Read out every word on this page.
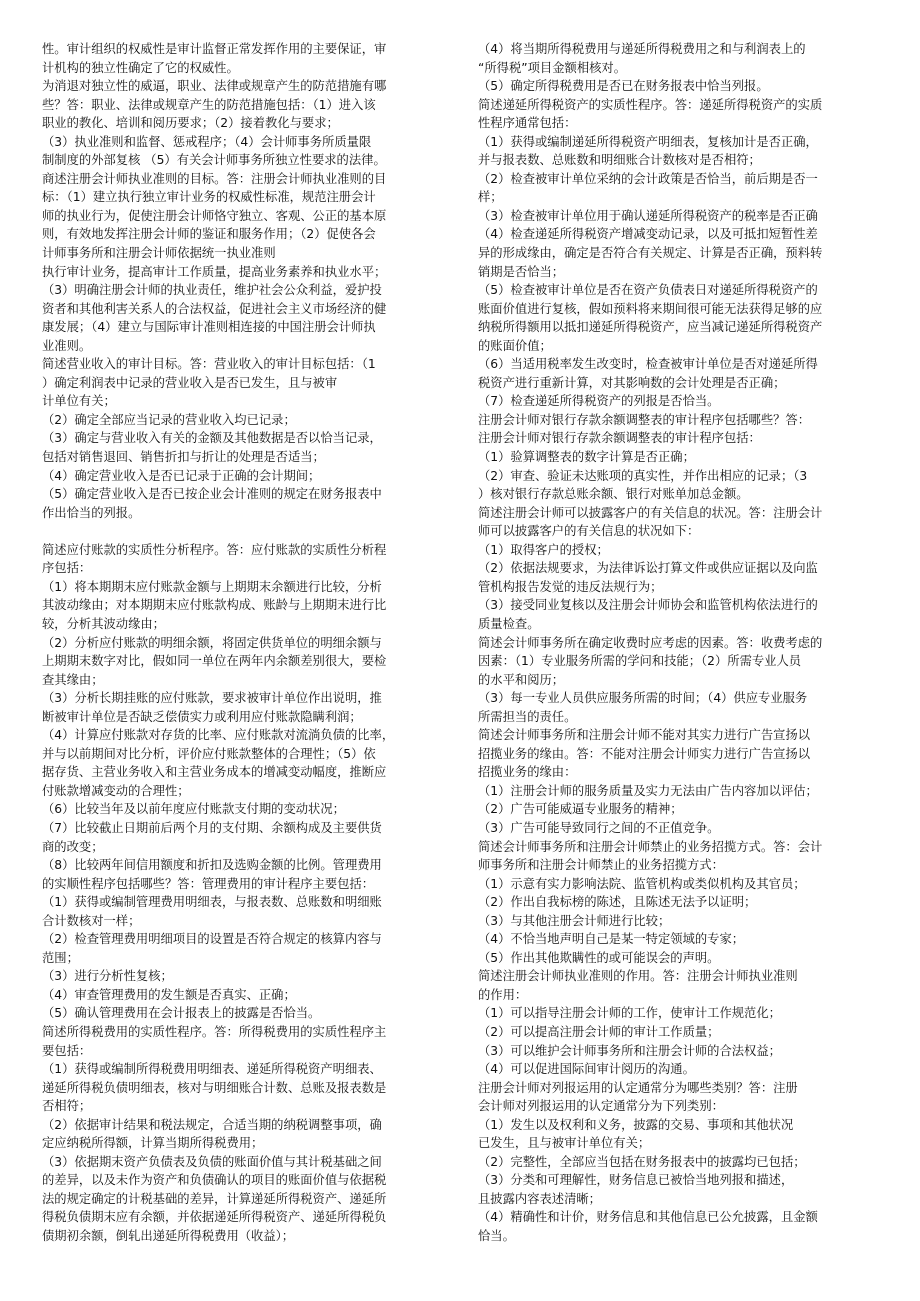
性。审计组织的权威性是审计监督正常发挥作用的主要保证，审
计机构的独立性确定了它的权威性。
为消退对独立性的威逼，职业、法律或规章产生的防范措施有哪
些？答：职业、法律或规章产生的防范措施包括：（1）进入该
职业的教化、培训和阅历要求；（2）接着教化与要求；
（3）执业准则和监督、惩戒程序；（4）会计师事务所质量限
制制度的外部复核 （5）有关会计师事务所独立性要求的法律。
商述注册会计师执业准则的目标。答：注册会计师执业准则的目
标：（1）建立执行独立审计业务的权威性标准，规范注册会计
师的执业行为，促使注册会计师恪守独立、客观、公正的基本原
则，有效地发挥注册会计师的鉴证和服务作用；（2）促使各会
计师事务所和注册会计师依据统一执业准则
执行审计业务，提高审计工作质量，提高业务素养和执业水平；
（3）明确注册会计师的执业责任，维护社会公众利益，爱护投
资者和其他利害关系人的合法权益，促进社会主义市场经济的健
康发展；（4）建立与国际审计准则相连接的中国注册会计师执
业准则。
简述营业收入的审计目标。答：营业收入的审计目标包括：（1
）确定利润表中记录的营业收入是否已发生，且与被审
计单位有关；
（2）确定全部应当记录的营业收入均已记录；
（3）确定与营业收入有关的金额及其他数据是否以恰当记录，
包括对销售退回、销售折扣与折让的处理是否适当；
（4）确定营业收入是否已记录于正确的会计期间；
（5）确定营业收入是否已按企业会计准则的规定在财务报表中
作出恰当的列报。
简述应付账款的实质性分析程序。答：应付账款的实质性分析程
序包括：
（1）将本期期末应付账款金额与上期期末余额进行比较，分析
其波动缘由；对本期期末应付账款构成、账龄与上期期末进行比
较，分析其波动缘由；
（2）分析应付账款的明细余额，将固定供货单位的明细余额与
上期期末数字对比，假如同一单位在两年内余额差别很大，要检
查其缘由；
（3）分析长期挂账的应付账款，要求被审计单位作出说明，推
断被审计单位是否缺乏偿债实力或利用应付账款隐瞒利润；
（4）计算应付账款对存货的比率、应付账款对流淌负债的比率，
并与以前期间对比分析，评价应付账款整体的合理性；（5）依
据存货、主营业务收入和主营业务成本的增减变动幅度，推断应
付账款增减变动的合理性；
（6）比较当年及以前年度应付账款支付期的变动状况；
（7）比较截止日期前后两个月的支付期、余额构成及主要供货
商的改变；
（8）比较两年间信用额度和折扣及选购金额的比例。管理费用
的实顺性程序包括哪些？答：管理费用的审计程序主要包括：
（1）获得或编制管理费用明细表，与报表数、总账数和明细账
合计数核对一样；
（2）检查管理费用明细项目的设置是否符合规定的核算内容与
范围；
（3）进行分析性复核；
（4）审查管理费用的发生额是否真实、正确；
（5）确认管理费用在会计报表上的披露是否恰当。
简述所得税费用的实质性程序。答：所得税费用的实质性程序主
要包括：
（1）获得或编制所得税费用明细表、递延所得税资产明细表、
递延所得税负债明细表，核对与明细账合计数、总账及报表数是
否相符；
（2）依据审计结果和税法规定，合适当期的纳税调整事项，确
定应纳税所得额，计算当期所得税费用；
（3）依据期末资产负债表及负债的账面价值与其计税基础之间
的差异，以及未作为资产和负债确认的项目的账面价值与依据税
法的规定确定的计税基础的差异，计算递延所得税资产、递延所
得税负债期末应有余额，并依据递延所得税资产、递延所得税负
债期初余额，倒轧出递延所得税费用（收益）；
（4）将当期所得税费用与递延所得税费用之和与利润表上的
“所得税”项目金额相核对。
（5）确定所得税费用是否已在财务报表中恰当列报。
简述递延所得税资产的实质性程序。答：递延所得税资产的实质
性程序通常包括：
（1）获得或编制递延所得税资产明细表，复核加计是否正确，
并与报表数、总账数和明细账合计数核对是否相符；
（2）检查被审计单位采纳的会计政策是否恰当，前后期是否一
样；
（3）检查被审计单位用于确认递延所得税资产的税率是否正确
（4）检查递延所得税资产增减变动记录，以及可抵扣短暂性差
异的形成缘由，确定是否符合有关规定、计算是否正确，预料转
销期是否恰当；
（5）检查被审计单位是否在资产负债表日对递延所得税资产的
账面价值进行复核，假如预料将来期间很可能无法获得足够的应
纳税所得额用以抵扣递延所得税资产，应当减记递延所得税资产
的账面价值；
（6）当适用税率发生改变时，检查被审计单位是否对递延所得
税资产进行重新计算，对其影响数的会计处理是否正确；
（7）检查递延所得税资产的列报是否恰当。
注册会计师对银行存款余额调整表的审计程序包括哪些？答：
注册会计师对银行存款余额调整表的审计程序包括：
（1）验算调整表的数字计算是否正确；
（2）审查、验证未达账项的真实性，并作出相应的记录；（3
）核对银行存款总账余额、银行对账单加总金额。
简述注册会计师可以披露客户的有关信息的状况。答：注册会计
师可以披露客户的有关信息的状况如下：
（1）取得客户的授权；
（2）依据法规要求，为法律诉讼打算文件或供应证据以及向监
管机构报告发觉的违反法规行为；
（3）接受同业复核以及注册会计师协会和监管机构依法进行的
质量检查。
简述会计师事务所在确定收费时应考虑的因素。答：收费考虑的
因素：（1）专业服务所需的学问和技能；（2）所需专业人员
的水平和阅历；
（3）每一专业人员供应服务所需的时间；（4）供应专业服务
所需担当的责任。
简述会计师事务所和注册会计师不能对其实力进行广告宣扬以
招揽业务的缘由。答：不能对注册会计师实力进行广告宣扬以
招揽业务的缘由：
（1）注册会计师的服务质量及实力无法由广告内容加以评估；
（2）广告可能威逼专业服务的精神；
（3）广告可能导致同行之间的不正值竞争。
简述会计师事务所和注册会计师禁止的业务招揽方式。答：会计
师事务所和注册会计师禁止的业务招揽方式：
（1）示意有实力影响法院、监管机构或类似机构及其官员；
（2）作出自我标榜的陈述，且陈述无法予以证明；
（3）与其他注册会计师进行比较；
（4）不恰当地声明自己是某一特定领域的专家；
（5）作出其他欺瞒性的或可能误会的声明。
简述注册会计师执业准则的作用。答：注册会计师执业准则
的作用：
（1）可以指导注册会计师的工作，使审计工作规范化；
（2）可以提高注册会计师的审计工作质量；
（3）可以维护会计师事务所和注册会计师的合法权益；
（4）可以促进国际间审计阅历的沟通。
注册会计师对列报运用的认定通常分为哪些类别？答：注册
会计师对列报运用的认定通常分为下列类别：
（1）发生以及权利和义务，披露的交易、事项和其他状况
已发生，且与被审计单位有关；
（2）完整性，全部应当包括在财务报表中的披露均已包括；
（3）分类和可理解性，财务信息已被恰当地列报和描述，
且披露内容表述清晰；
（4）精确性和计价，财务信息和其他信息已公允披露，且金额
恰当。
